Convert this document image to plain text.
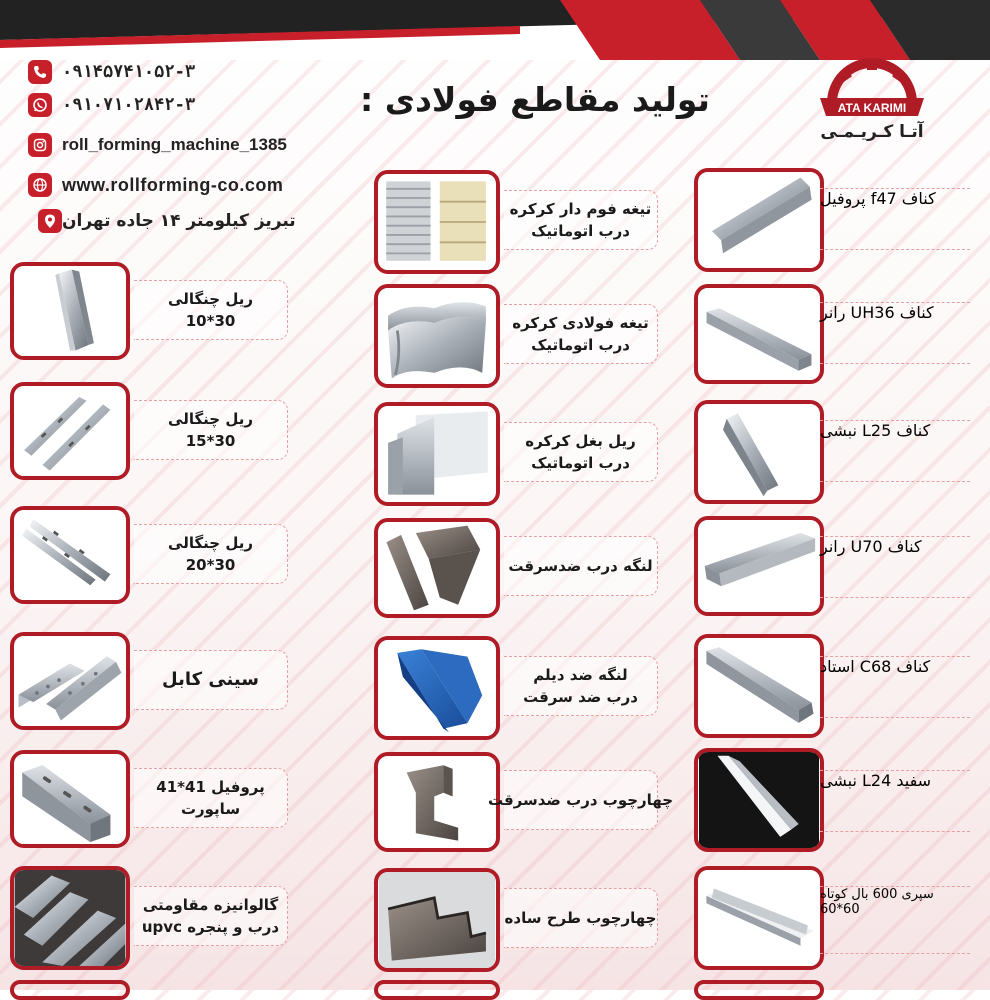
۰۹۱۴۵۷۴۱۰۵۲-۳
۰۹۱۰۷۱۰۲۸۴۲-۳
roll_forming_machine_1385
www.rollforming-co.com
تبریز کیلومتر ۱۴ جاده تهران
تولید مقاطع فولادی :	ATA KARIMI
آتـا کـریـمـی
ریل چنگالی
30*10
ریل چنگالی
30*15
ریل چنگالی
30*20
سینی کابل
پروفیل 41*41
ساپورت
گالوانیزه مقاومتی
درب و پنجره upvc
تیغه فوم دار کرکره
درب اتوماتیک
تیغه فولادی کرکره
درب اتوماتیک
ریل بغل کرکره
درب اتوماتیک
لنگه درب ضدسرقت
لنگه ضد دیلم
درب ضد سرقت
چهارچوب درب ضدسرقت
چهارچوب طرح ساده
پروفیل f47 کناف
رانر UH36 کناف
نبشی L25 کناف
رانر U70 کناف
استاد C68 کناف
نبشی L24 سفید
سپری 600 بال کوتاه
60*60
